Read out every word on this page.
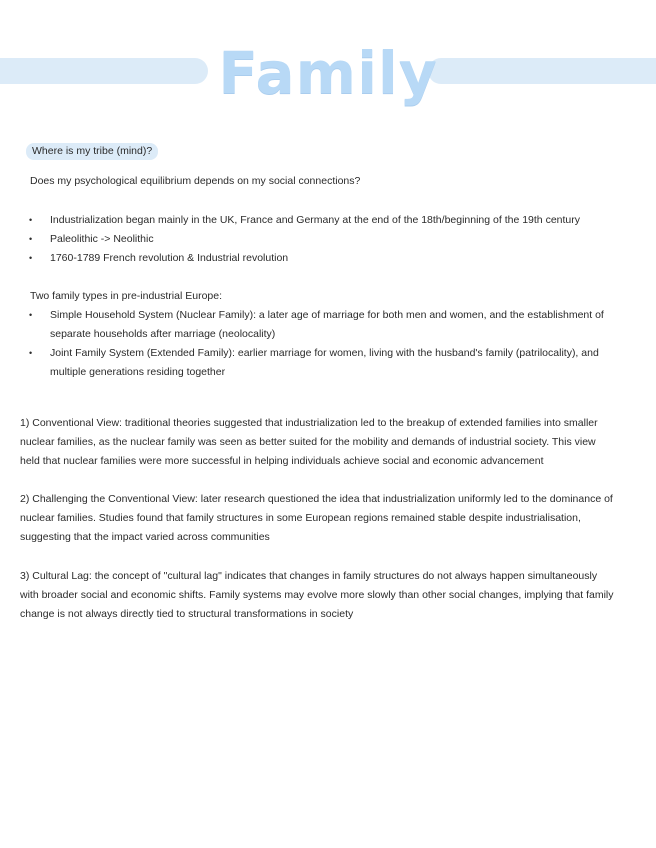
Family
Where is my tribe (mind)?

Does my psychological equilibrium depends on my social connections?

• Industrialization began mainly in the UK, France and Germany at the end of the 18th/beginning of the 19th century
• Paleolithic -> Neolithic
• 1760-1789 French revolution & Industrial revolution

Two family types in pre-industrial Europe:

• Simple Household System (Nuclear Family): a later age of marriage for both men and women, and the establishment of separate households after marriage (neolocality)
• Joint Family System (Extended Family): earlier marriage for women, living with the husband's family (patrilocality), and multiple generations residing together

1) Conventional View: traditional theories suggested that industrialization led to the breakup of extended families into smaller nuclear families, as the nuclear family was seen as better suited for the mobility and demands of industrial society. This view held that nuclear families were more successful in helping individuals achieve social and economic advancement

2) Challenging the Conventional View: later research questioned the idea that industrialization uniformly led to the dominance of nuclear families. Studies found that family structures in some European regions remained stable despite industrialisation, suggesting that the impact varied across communities

3) Cultural Lag: the concept of "cultural lag" indicates that changes in family structures do not always happen simultaneously with broader social and economic shifts. Family systems may evolve more slowly than other social changes, implying that family change is not always directly tied to structural transformations in society
